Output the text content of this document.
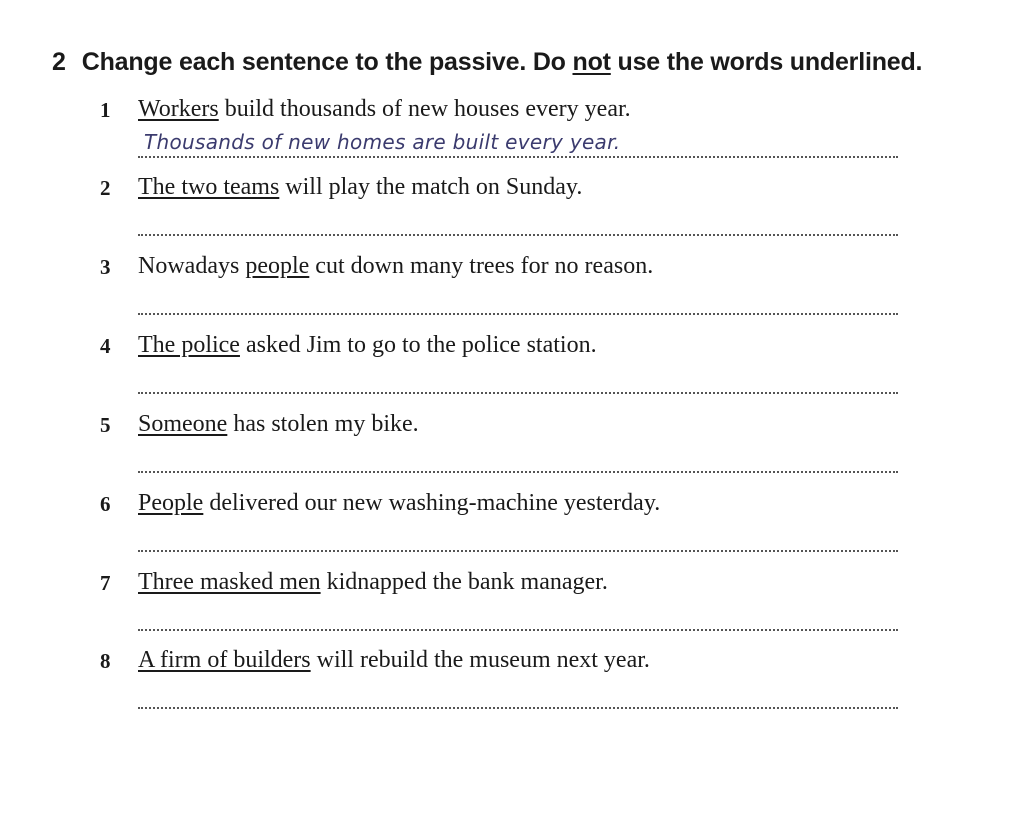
2 Change each sentence to the passive. Do not use the words underlined.
1	Workers build thousands of new houses every year.
Thousands of new homes are built every year.
2	The two teams will play the match on Sunday.
3	Nowadays people cut down many trees for no reason.
4	The police asked Jim to go to the police station.
5	Someone has stolen my bike.
6	People delivered our new washing-machine yesterday.
7	Three masked men kidnapped the bank manager.
8	A firm of builders will rebuild the museum next year.
